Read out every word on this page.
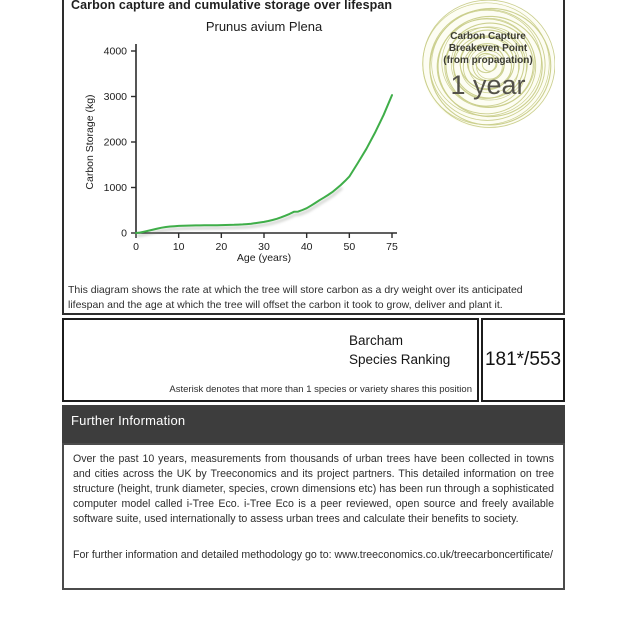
Carbon capture and cumulative storage over lifespan
Prunus avium Plena
0
1000
2000
3000
4000
0	10	20	30	40	50	75
Carbon Storage (kg)
Age (years)
Carbon Capture
Breakeven Point
(from propagation)
1 year
This diagram shows the rate at which the tree will store carbon as a dry weight over its anticipated lifespan and the age at which the tree will offset the carbon it took to grow, deliver and plant it.
Barcham
Species Ranking
Asterisk denotes that more than 1 species or variety shares this position
181*/553
Further Information

Over the past 10 years, measurements from thousands of urban trees have been collected in towns and cities across the UK by Treeconomics and its project partners. This detailed information on tree structure (height, trunk diameter, species, crown dimensions etc) has been run through a sophisticated computer model called i-Tree Eco. i-Tree Eco is a peer reviewed, open source and freely available software suite, used internationally to assess urban trees and calculate their benefits to society.

For further information and detailed methodology go to: www.treeconomics.co.uk/treecarboncertificate/
